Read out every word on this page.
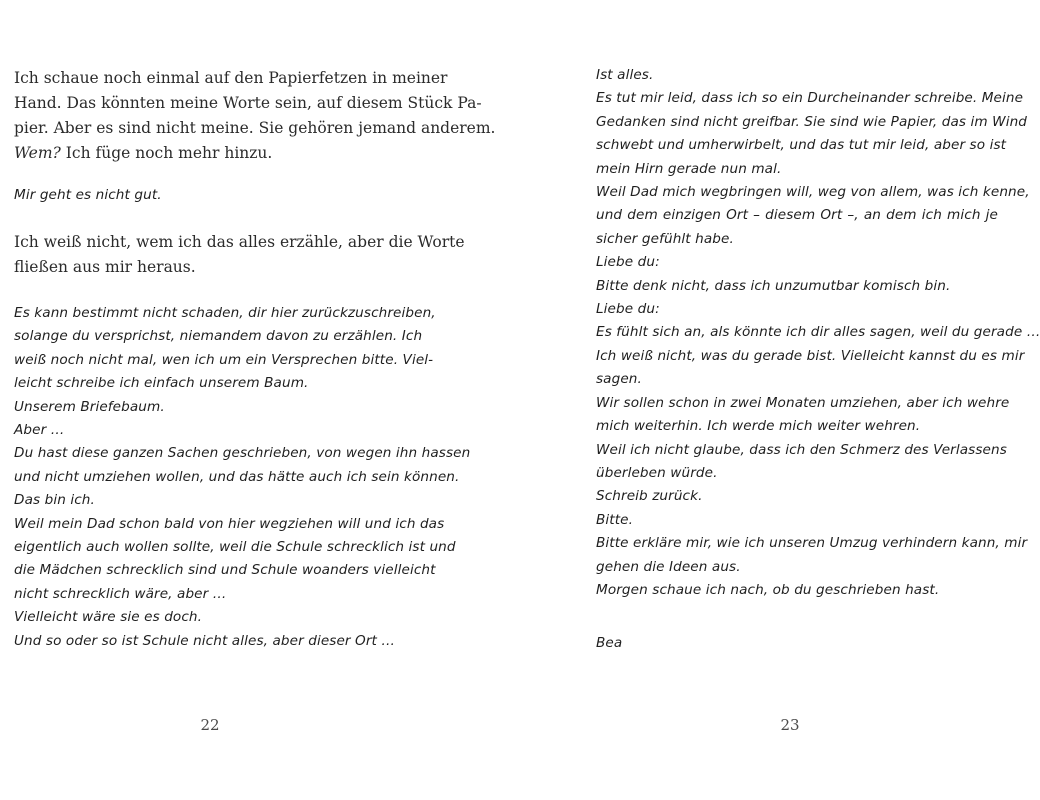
Ich schaue noch einmal auf den Papierfetzen in meiner
Hand. Das könnten meine Worte sein, auf diesem Stück Pa-
pier. Aber es sind nicht meine. Sie gehören jemand anderem.
Wem? Ich füge noch mehr hinzu.
Mir geht es nicht gut.
Ich weiß nicht, wem ich das alles erzähle, aber die Worte
fließen aus mir heraus.
Es kann bestimmt nicht schaden, dir hier zurückzuschreiben,
solange du versprichst, niemandem davon zu erzählen. Ich
weiß noch nicht mal, wen ich um ein Versprechen bitte. Viel-
leicht schreibe ich einfach unserem Baum.
Unserem Briefebaum.
Aber …
Du hast diese ganzen Sachen geschrieben, von wegen ihn hassen
und nicht umziehen wollen, und das hätte auch ich sein können.
Das bin ich.
Weil mein Dad schon bald von hier wegziehen will und ich das
eigentlich auch wollen sollte, weil die Schule schrecklich ist und
die Mädchen schrecklich sind und Schule woanders vielleicht
nicht schrecklich wäre, aber …
Vielleicht wäre sie es doch.
Und so oder so ist Schule nicht alles, aber dieser Ort …
22
Ist alles.
Es tut mir leid, dass ich so ein Durcheinander schreibe. Meine
Gedanken sind nicht greifbar. Sie sind wie Papier, das im Wind
schwebt und umherwirbelt, und das tut mir leid, aber so ist
mein Hirn gerade nun mal.
Weil Dad mich wegbringen will, weg von allem, was ich kenne,
und dem einzigen Ort – diesem Ort –, an dem ich mich je
sicher gefühlt habe.
Liebe du:
Bitte denk nicht, dass ich unzumutbar komisch bin.
Liebe du:
Es fühlt sich an, als könnte ich dir alles sagen, weil du gerade …
Ich weiß nicht, was du gerade bist. Vielleicht kannst du es mir
sagen.
Wir sollen schon in zwei Monaten umziehen, aber ich wehre
mich weiterhin. Ich werde mich weiter wehren.
Weil ich nicht glaube, dass ich den Schmerz des Verlassens
überleben würde.
Schreib zurück.
Bitte.
Bitte erkläre mir, wie ich unseren Umzug verhindern kann, mir
gehen die Ideen aus.
Morgen schaue ich nach, ob du geschrieben hast.
Bea
23
